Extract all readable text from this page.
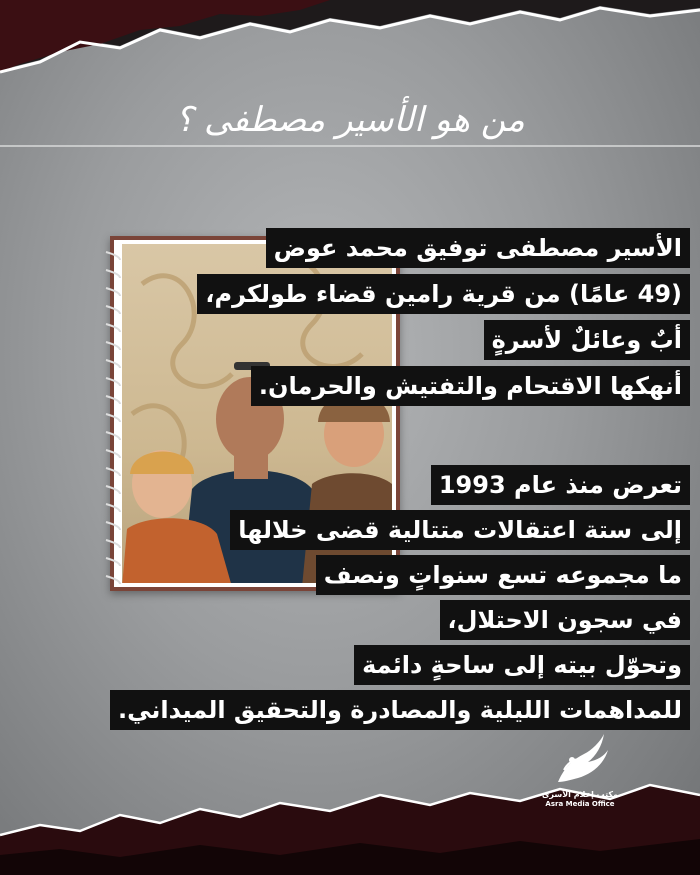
من هو الأسير مصطفى ؟
الأسير مصطفى توفيق محمد عوض
(49 عامًا) من قرية رامين قضاء طولكرم،
أبٌ وعائلٌ لأسرةٍ
أنهكها الاقتحام والتفتيش والحرمان.
تعرض منذ عام 1993
إلى ستة اعتقالات متتالية قضى خلالها
ما مجموعه تسع سنواتٍ ونصف
في سجون الاحتلال،
وتحوّل بيته إلى ساحةٍ دائمة
للمداهمات الليلية والمصادرة والتحقيق الميداني.
مكتب إعلام الأسرى
Asra Media Office
